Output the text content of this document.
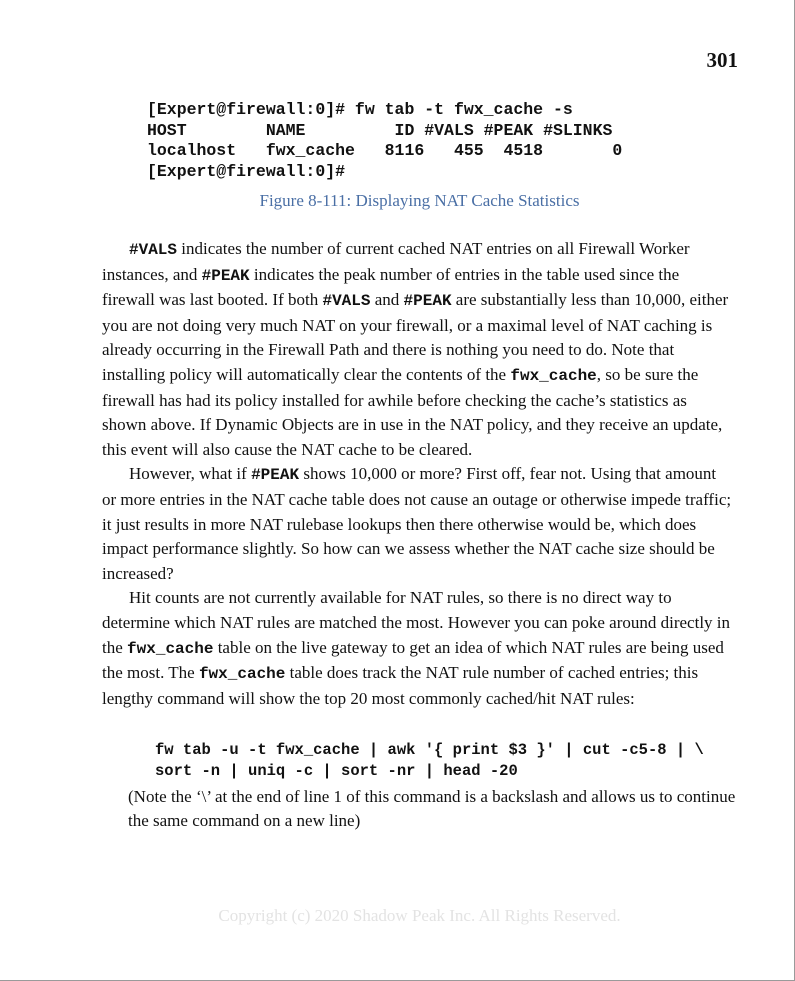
301
[Expert@firewall:0]# fw tab -t fwx_cache -s
HOST        NAME         ID #VALS #PEAK #SLINKS
localhost   fwx_cache   8116   455  4518       0
[Expert@firewall:0]#
Figure 8-111: Displaying NAT Cache Statistics

#VALS indicates the number of current cached NAT entries on all Firewall Worker instances, and #PEAK indicates the peak number of entries in the table used since the firewall was last booted. If both #VALS and #PEAK are substantially less than 10,000, either you are not doing very much NAT on your firewall, or a maximal level of NAT caching is already occurring in the Firewall Path and there is nothing you need to do. Note that installing policy will automatically clear the contents of the fwx_cache, so be sure the firewall has had its policy installed for awhile before checking the cache’s statistics as shown above. If Dynamic Objects are in use in the NAT policy, and they receive an update, this event will also cause the NAT cache to be cleared.

However, what if #PEAK shows 10,000 or more? First off, fear not. Using that amount or more entries in the NAT cache table does not cause an outage or otherwise impede traffic; it just results in more NAT rulebase lookups then there otherwise would be, which does impact performance slightly. So how can we assess whether the NAT cache size should be increased?

Hit counts are not currently available for NAT rules, so there is no direct way to determine which NAT rules are matched the most. However you can poke around directly in the fwx_cache table on the live gateway to get an idea of which NAT rules are being used the most. The fwx_cache table does track the NAT rule number of cached entries; this lengthy command will show the top 20 most commonly cached/hit NAT rules:

fw tab -u -t fwx_cache | awk '{ print $3 }' | cut -c5-8 | \
sort -n | uniq -c | sort -nr | head -20
(Note the ‘\’ at the end of line 1 of this command is a backslash and allows us to continue the same command on a new line)
Copyright (c) 2020 Shadow Peak Inc. All Rights Reserved.
